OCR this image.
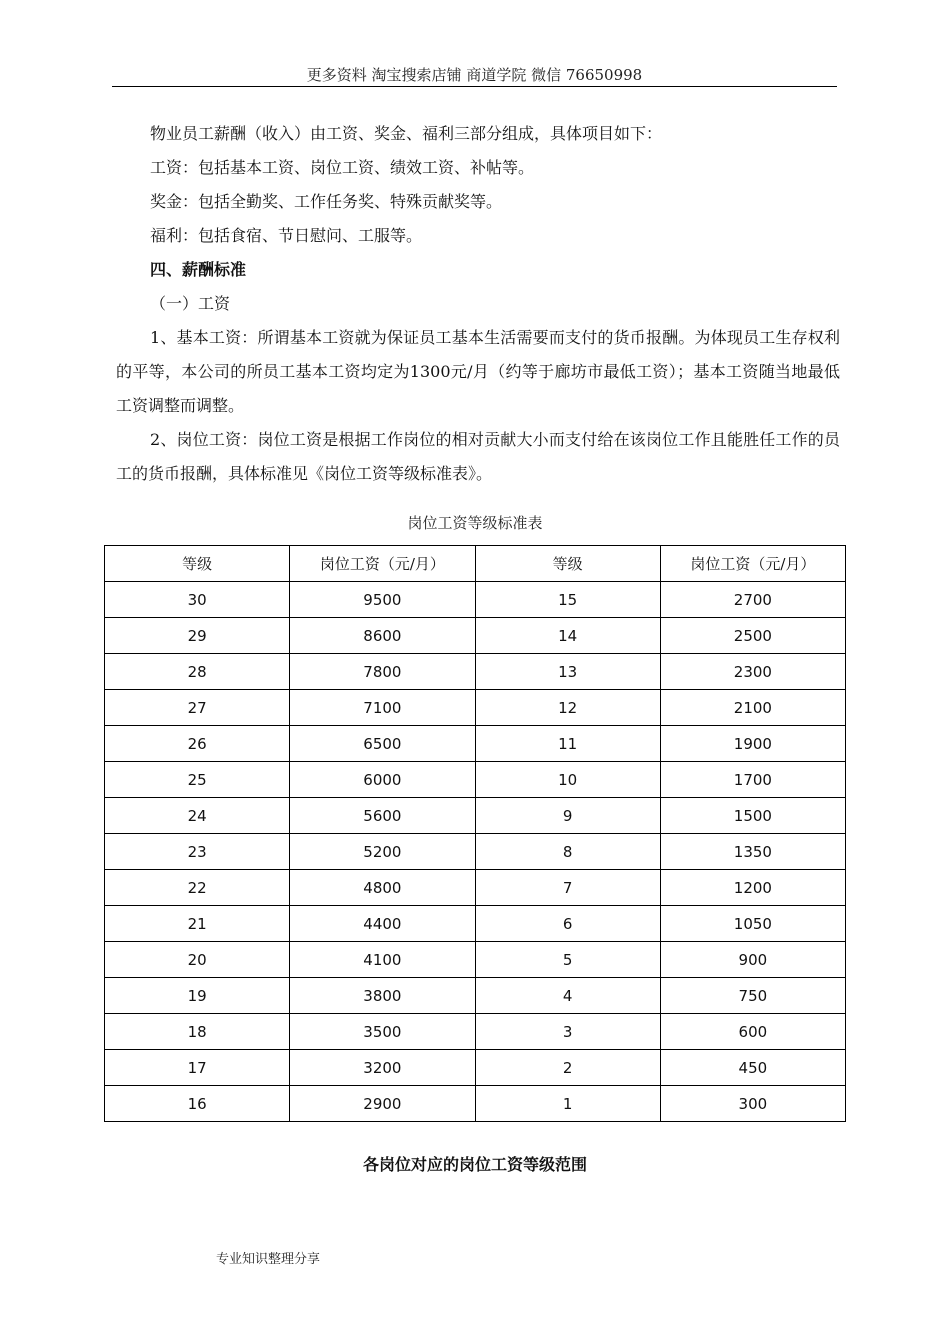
更多资料 淘宝搜索店铺 商道学院 微信 76650998

物业员工薪酬（收入）由工资、奖金、福利三部分组成，具体项目如下：

工资：包括基本工资、岗位工资、绩效工资、补帖等。

奖金：包括全勤奖、工作任务奖、特殊贡献奖等。

福利：包括食宿、节日慰问、工服等。

四、薪酬标准

（一）工资

1、基本工资：所谓基本工资就为保证员工基本生活需要而支付的货币报酬。为体现员工生存权利的平等，本公司的所员工基本工资均定为1300元/月（约等于廊坊市最低工资）；基本工资随当地最低工资调整而调整。

2、岗位工资：岗位工资是根据工作岗位的相对贡献大小而支付给在该岗位工作且能胜任工作的员工的货币报酬，具体标准见《岗位工资等级标准表》。

岗位工资等级标准表
等级	岗位工资（元/月）	等级	岗位工资（元/月）
30	9500	15	2700
29	8600	14	2500
28	7800	13	2300
27	7100	12	2100
26	6500	11	1900
25	6000	10	1700
24	5600	9	1500
23	5200	8	1350
22	4800	7	1200
21	4400	6	1050
20	4100	5	900
19	3800	4	750
18	3500	3	600
17	3200	2	450
16	2900	1	300
各岗位对应的岗位工资等级范围
专业知识整理分享
